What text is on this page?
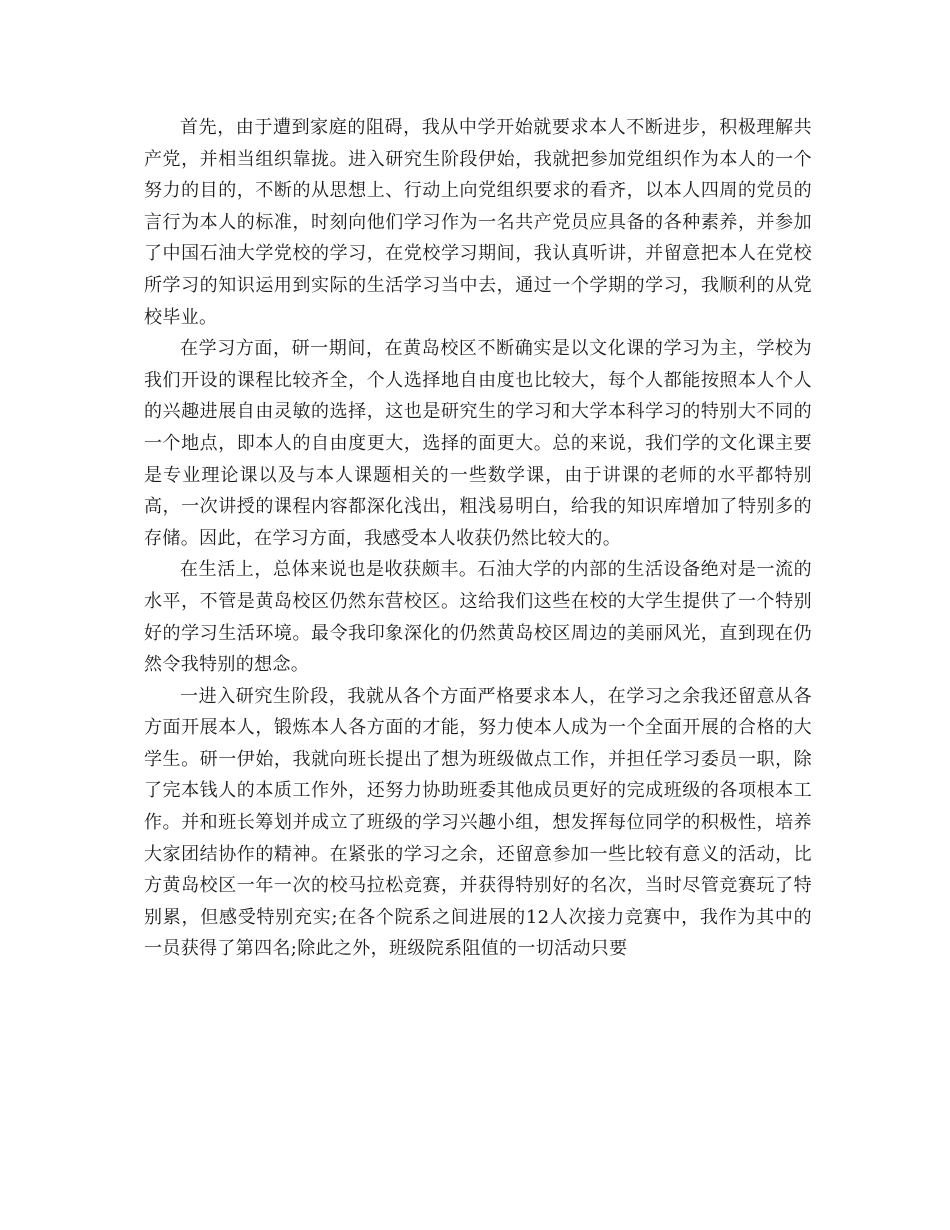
首先，由于遭到家庭的阻碍，我从中学开始就要求本人不断进步，积极理解共产党，并相当组织靠拢。进入研究生阶段伊始，我就把参加党组织作为本人的一个努力的目的，不断的从思想上、行动上向党组织要求的看齐，以本人四周的党员的言行为本人的标准，时刻向他们学习作为一名共产党员应具备的各种素养，并参加了中国石油大学党校的学习，在党校学习期间，我认真听讲，并留意把本人在党校所学习的知识运用到实际的生活学习当中去，通过一个学期的学习，我顺利的从党校毕业。

在学习方面，研一期间，在黄岛校区不断确实是以文化课的学习为主，学校为我们开设的课程比较齐全，个人选择地自由度也比较大，每个人都能按照本人个人的兴趣进展自由灵敏的选择，这也是研究生的学习和大学本科学习的特别大不同的一个地点，即本人的自由度更大，选择的面更大。总的来说，我们学的文化课主要是专业理论课以及与本人课题相关的一些数学课，由于讲课的老师的水平都特别高，一次讲授的课程内容都深化浅出，粗浅易明白，给我的知识库增加了特别多的存储。因此，在学习方面，我感受本人收获仍然比较大的。

在生活上，总体来说也是收获颇丰。石油大学的内部的生活设备绝对是一流的水平，不管是黄岛校区仍然东营校区。这给我们这些在校的大学生提供了一个特别好的学习生活环境。最令我印象深化的仍然黄岛校区周边的美丽风光，直到现在仍然令我特别的想念。

一进入研究生阶段，我就从各个方面严格要求本人，在学习之余我还留意从各方面开展本人，锻炼本人各方面的才能，努力使本人成为一个全面开展的合格的大学生。研一伊始，我就向班长提出了想为班级做点工作，并担任学习委员一职，除了完本钱人的本质工作外，还努力协助班委其他成员更好的完成班级的各项根本工作。并和班长筹划并成立了班级的学习兴趣小组，想发挥每位同学的积极性，培养大家团结协作的精神。在紧张的学习之余，还留意参加一些比较有意义的活动，比方黄岛校区一年一次的校马拉松竞赛，并获得特别好的名次，当时尽管竞赛玩了特别累，但感受特别充实;在各个院系之间进展的12人次接力竞赛中，我作为其中的一员获得了第四名;除此之外，班级院系阻值的一切活动只要
